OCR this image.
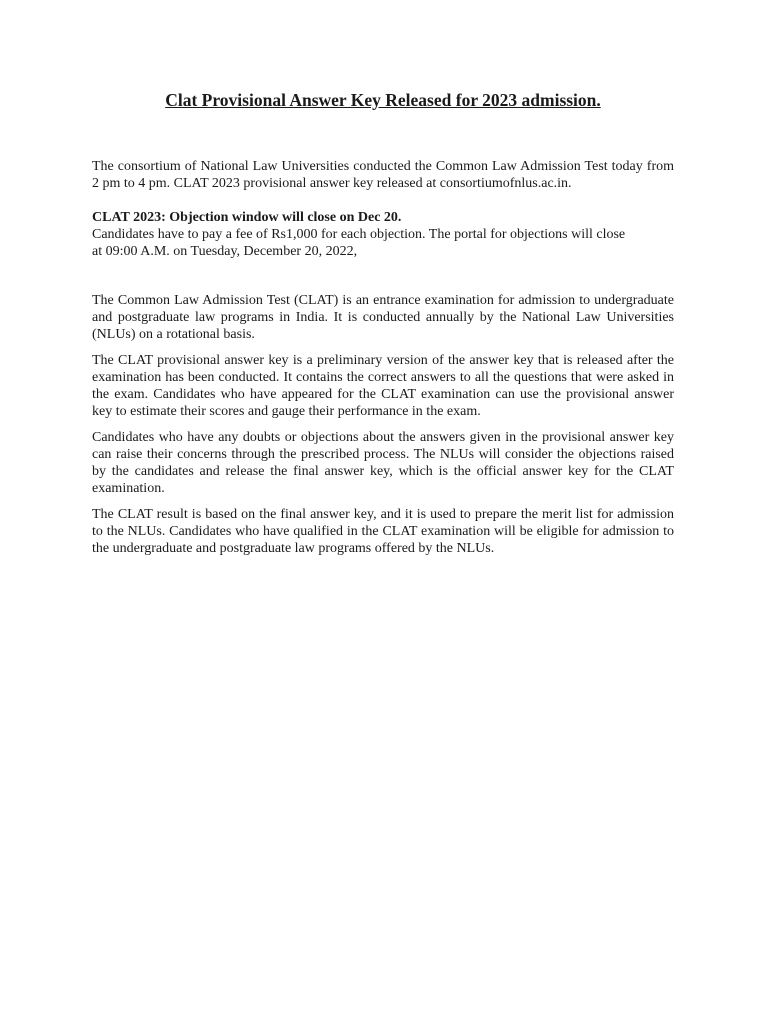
Clat Provisional Answer Key Released for 2023 admission.

The consortium of National Law Universities conducted the Common Law Admission Test today from 2 pm to 4 pm. CLAT 2023 provisional answer key released at consortiumofnlus.ac.in.

CLAT 2023: Objection window will close on Dec 20.

Candidates have to pay a fee of Rs1,000 for each objection. The portal for objections will close

at 09:00 A.M. on Tuesday, December 20, 2022,

The Common Law Admission Test (CLAT) is an entrance examination for admission to undergraduate and postgraduate law programs in India. It is conducted annually by the National Law Universities (NLUs) on a rotational basis.

The CLAT provisional answer key is a preliminary version of the answer key that is released after the examination has been conducted. It contains the correct answers to all the questions that were asked in the exam. Candidates who have appeared for the CLAT examination can use the provisional answer key to estimate their scores and gauge their performance in the exam.

Candidates who have any doubts or objections about the answers given in the provisional answer key can raise their concerns through the prescribed process. The NLUs will consider the objections raised by the candidates and release the final answer key, which is the official answer key for the CLAT examination.

The CLAT result is based on the final answer key, and it is used to prepare the merit list for admission to the NLUs. Candidates who have qualified in the CLAT examination will be eligible for admission to the undergraduate and postgraduate law programs offered by the NLUs.
